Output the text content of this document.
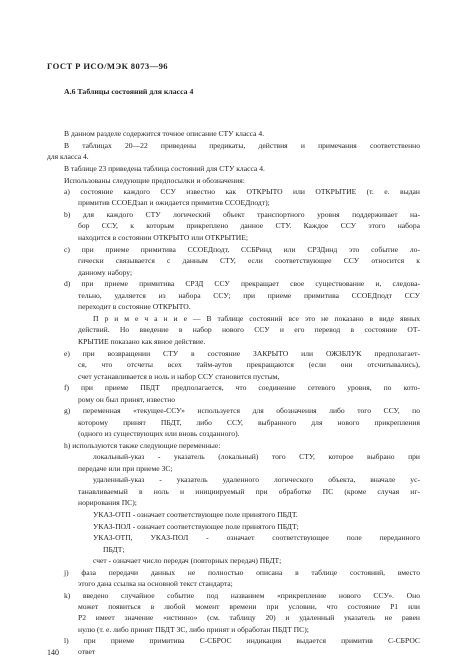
ГОСТ Р ИСО/МЭК 8073—96
А.6 Таблицы состояний для класса 4
В данном разделе содержится точное описание СТУ класса 4.
В таблицах 20—22 приведены предикаты, действия и примечания соответственно
для класса 4.
В таблице 23 приведена таблица состояний для СТУ класса 4.
Использованы следующие предпосылки и обозначения:
a) состояние каждого ССУ известно как ОТКРЫТО или ОТКРЫТИЕ (т. е. выдан
примитив ССОЕДзап и ожидается примитив ССОЕДподт);
b) для каждого СТУ логический объект транспортного уровня поддерживает на-
бор ССУ, к которым прикреплено данное СТУ. Каждое ССУ этого набора
находится в состоянии ОТКРЫТО или ОТКРЫТИЕ;
c) при приеме примитива ССОЕДподт, ССБРинд или СРЗДинд это событие ло-
гически связывается с данным СТУ, если соответствующее ССУ относится к
данному набору;
d) при приеме примитива СРЗД ССУ прекращает свое существование и, следова-
тельно, удаляется из набора ССУ; при приеме примитива ССОЕДподт ССУ
переходит в состояние ОТКРЫТО.
П р и м е ч а н и е — В таблице состояний все это не показано в виде явных
действий. Но введение в набор нового ССУ и его перевод в состояние ОТ-
КРЫТИЕ показано как явное действие.
e) при возвращении СТУ в состояние ЗАКРЫТО или ОЖЗБЛУК предполагает-
ся, что отсчеты всех тайм-аутов прекращаются (если они отсчитывались),
счет устанавливается в ноль и набор ССУ становится пустым,
f) при приеме ПБДТ предполагается, что соединение сетевого уровня, по кото-
рому он был принят, известно
g) переменная «текущее-ССУ» используется для обозначения либо того ССУ, по
которому принят ПБДТ, либо ССУ, выбранного для нового прикрепления
(одного из существующих или вновь созданного).
h) используются также следующие переменные:
локальный-указ - указатель (локальный) того СТУ, которое выбрано при
передаче или при приеме ЗС;
удаленный-указ - указатель удаленного логического объекта, вначале ус-
танавливаемый в ноль и инициируемый при обработке ПС (кроме случая иг-
норирования ПС);
УКАЗ-ОТП - означает соответствующее поле принятого ПБДТ.
УКАЗ-ПОЛ - означает соответствующее поле принятого ПБДТ;
УКАЗ-ОТП, УКАЗ-ПОЛ - означает соответствующее поле переданного
ПБДТ;
счет - означает число передач (повторных передач) ПБДТ;
j) фаза передачи данных не полностью описана в таблице состояний, вместо
этого дана ссылка на основной текст стандарта;
k) введено случайное событие под названием «прикрепление нового ССУ». Оно
может появиться в любой момент времени при условии, что состояние Р1 или
Р2 имеет значение «истинно» (см. таблицу 20) и удаленный указатель не равен
нулю (т. е. либо принят ПБДТ ЗС, либо принят и обработан ПБДТ ПС);
l) при приеме примитива С-СБРОС индикация выдается примитив С-СБРОС
ответ
140
